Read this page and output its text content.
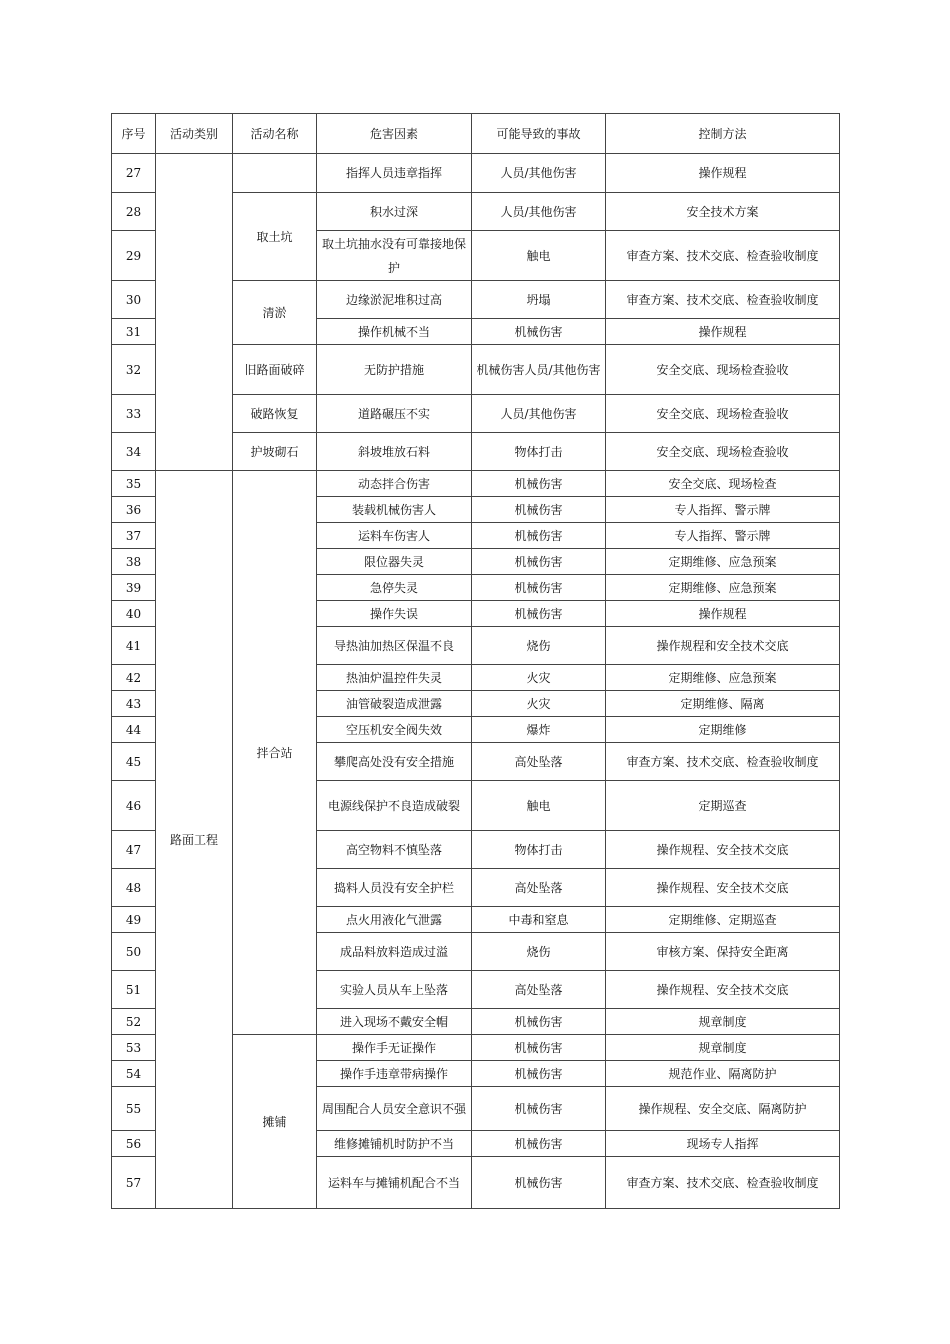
序号	活动类别	活动名称	危害因素	可能导致的事故	控制方法
27			指挥人员违章指挥	人员/其他伤害	操作规程
28		取土坑	积水过深	人员/其他伤害	安全技术方案
29			取土坑抽水没有可靠接地保护	触电	审查方案、技术交底、检查验收制度
30		清淤	边缘淤泥堆积过高	坍塌	审查方案、技术交底、检查验收制度
31			操作机械不当	机械伤害	操作规程
32		旧路面破碎	无防护措施	机械伤害人员/其他伤害	安全交底、现场检查验收
33		破路恢复	道路碾压不实	人员/其他伤害	安全交底、现场检查验收
34		护坡砌石	斜坡堆放石料	物体打击	安全交底、现场检查验收
35	路面工程	拌合站	动态拌合伤害	机械伤害	安全交底、现场检查
36			装载机械伤害人	机械伤害	专人指挥、警示牌
37			运料车伤害人	机械伤害	专人指挥、警示牌
38			限位器失灵	机械伤害	定期维修、应急预案
39			急停失灵	机械伤害	定期维修、应急预案
40			操作失误	机械伤害	操作规程
41			导热油加热区保温不良	烧伤	操作规程和安全技术交底
42			热油炉温控件失灵	火灾	定期维修、应急预案
43			油管破裂造成泄露	火灾	定期维修、隔离
44			空压机安全阀失效	爆炸	定期维修
45			攀爬高处没有安全措施	高处坠落	审查方案、技术交底、检查验收制度
46			电源线保护不良造成破裂	触电	定期巡查
47			高空物料不慎坠落	物体打击	操作规程、安全技术交底
48			捣料人员没有安全护栏	高处坠落	操作规程、安全技术交底
49			点火用液化气泄露	中毒和窒息	定期维修、定期巡查
50			成品料放料造成过溢	烧伤	审核方案、保持安全距离
51			实验人员从车上坠落	高处坠落	操作规程、安全技术交底
52			进入现场不戴安全帽	机械伤害	规章制度
53		摊铺	操作手无证操作	机械伤害	规章制度
54			操作手违章带病操作	机械伤害	规范作业、隔离防护
55			周围配合人员安全意识不强	机械伤害	操作规程、安全交底、隔离防护
56			维修摊铺机时防护不当	机械伤害	现场专人指挥
57			运料车与摊铺机配合不当	机械伤害	审查方案、技术交底、检查验收制度
